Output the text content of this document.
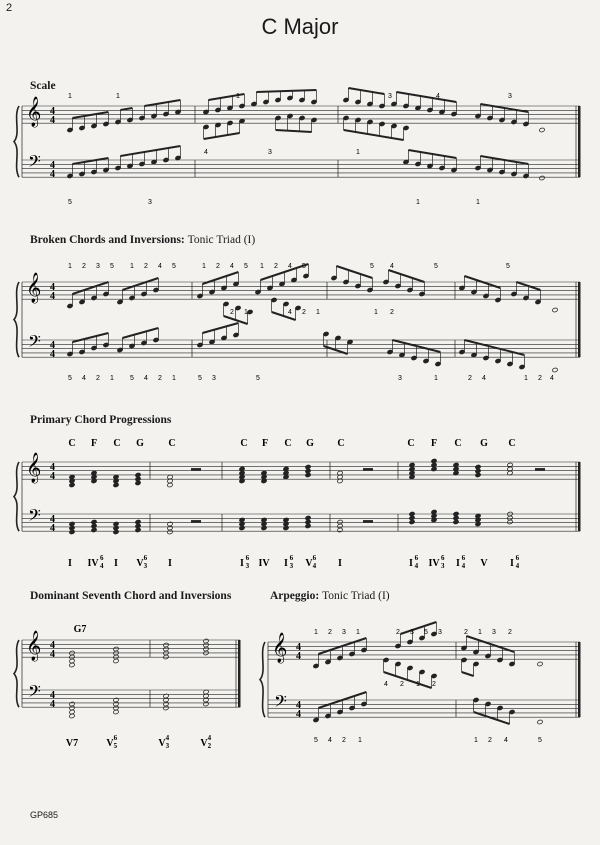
2
C Major
Scale
Broken Chords and Inversions: Tonic Triad (I)
Primary Chord Progressions
Dominant Seventh Chord and Inversions	Arpeggio: Tonic Triad (I)
GP685
𝄞
𝄢
4
4
4
4
1	1	1	3	4	3
4	3	1
5	3	1	1
𝄞
𝄢
4
4
4
4
1 2 3 5 1 2 4 5	1 2 4 5 1 2 4 5	5 4	5	5
2 1	4 2 1	1 2
5 4 2 1 5 4 2 1	5 3	5	3	1	2 4	1 2 4
𝄞
𝄢
4
4
4
4
C F C G C	C F C G C	C F C G C
I IV 6
4 I V 6
3 I	I 6
3 IV I 6
3 V 6
4 I	I 6
4 IV 6
3 I 6
4 V I 6
4
𝄞
𝄢
4
4
4
4
G7
V7	V 6
5	V 4
3	V 4
2
𝄞
𝄢
4
4
4
4
1 2 3 1	2 3 5 3	2 1 3 2
4 2 1 2
5 4 2 1	1 2 4	5
